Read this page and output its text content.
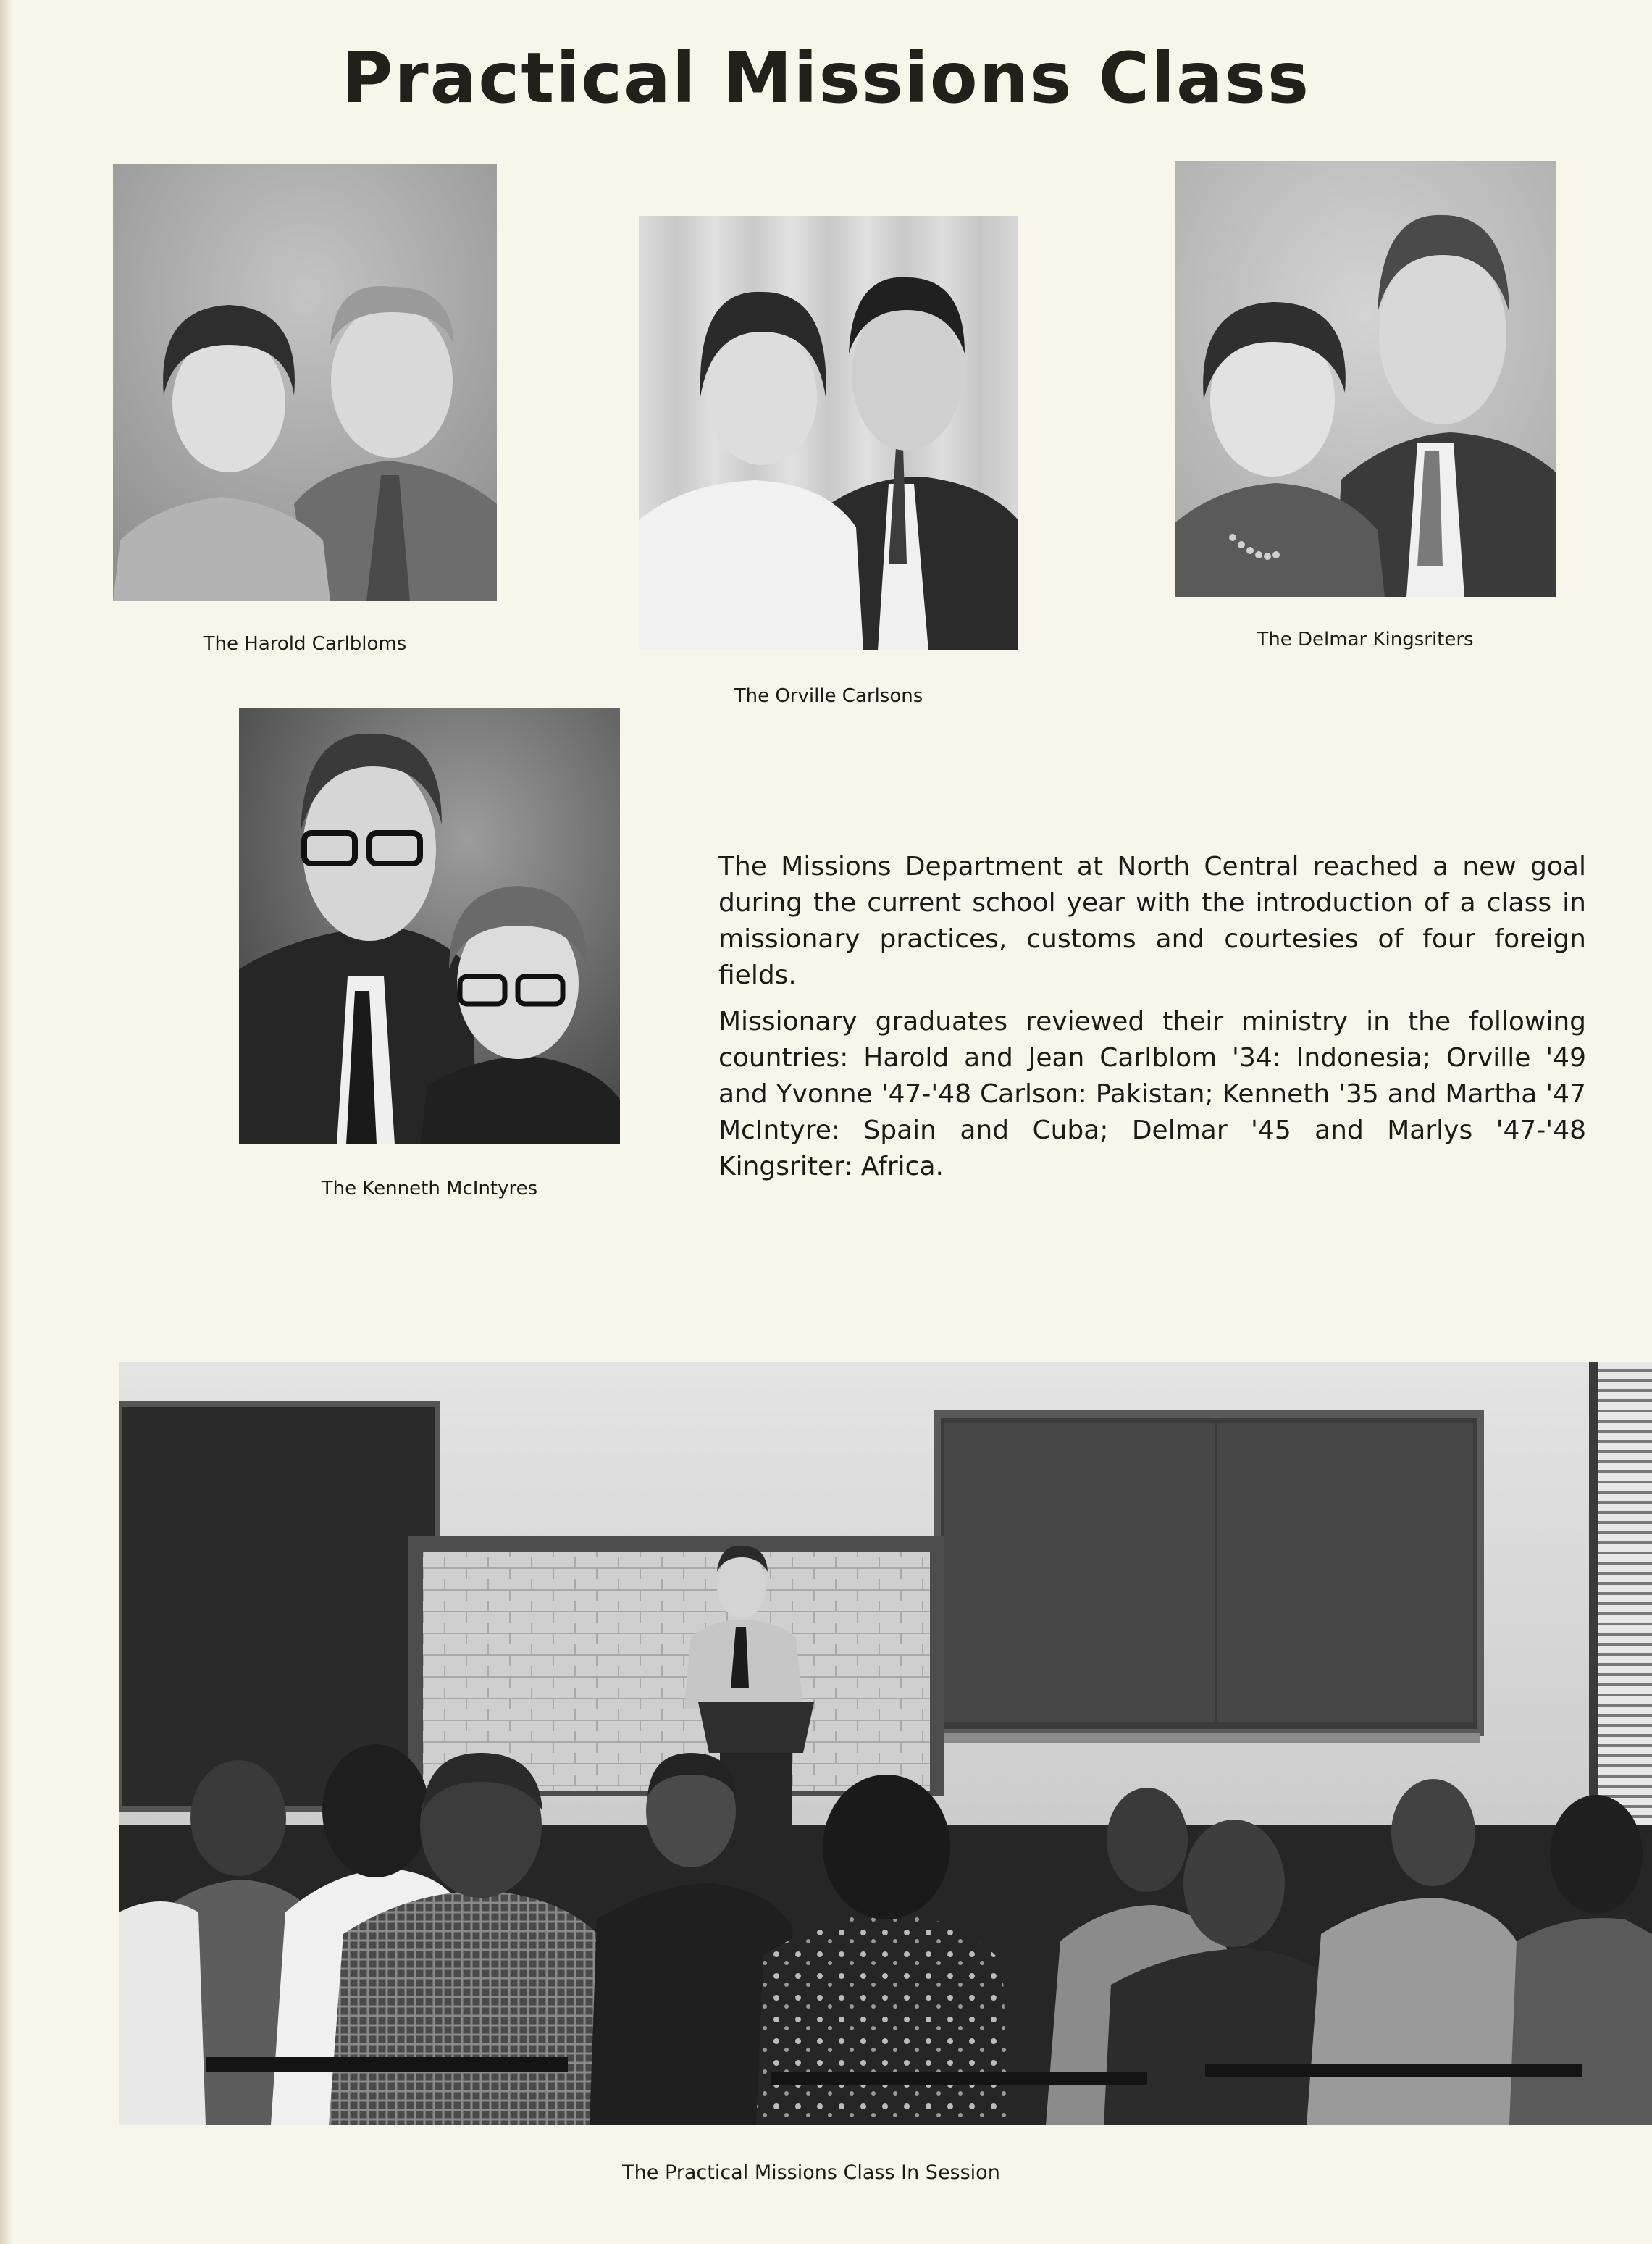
Practical Missions Class
The Harold Carlbloms
The Orville Carlsons
The Delmar Kingsriters
The Kenneth McIntyres

The Missions Department at North Central reached a new goal during the current school year with the introduction of a class in missionary practices, customs and courtesies of four foreign fields.

Missionary graduates reviewed their ministry in the following countries: Harold and Jean Carlblom '34: Indonesia; Orville '49 and Yvonne '47-'48 Carlson: Pakistan; Kenneth '35 and Martha '47 McIntyre: Spain and Cuba; Delmar '45 and Marlys '47-'48 Kingsriter: Africa.

The Practical Missions Class In Session
